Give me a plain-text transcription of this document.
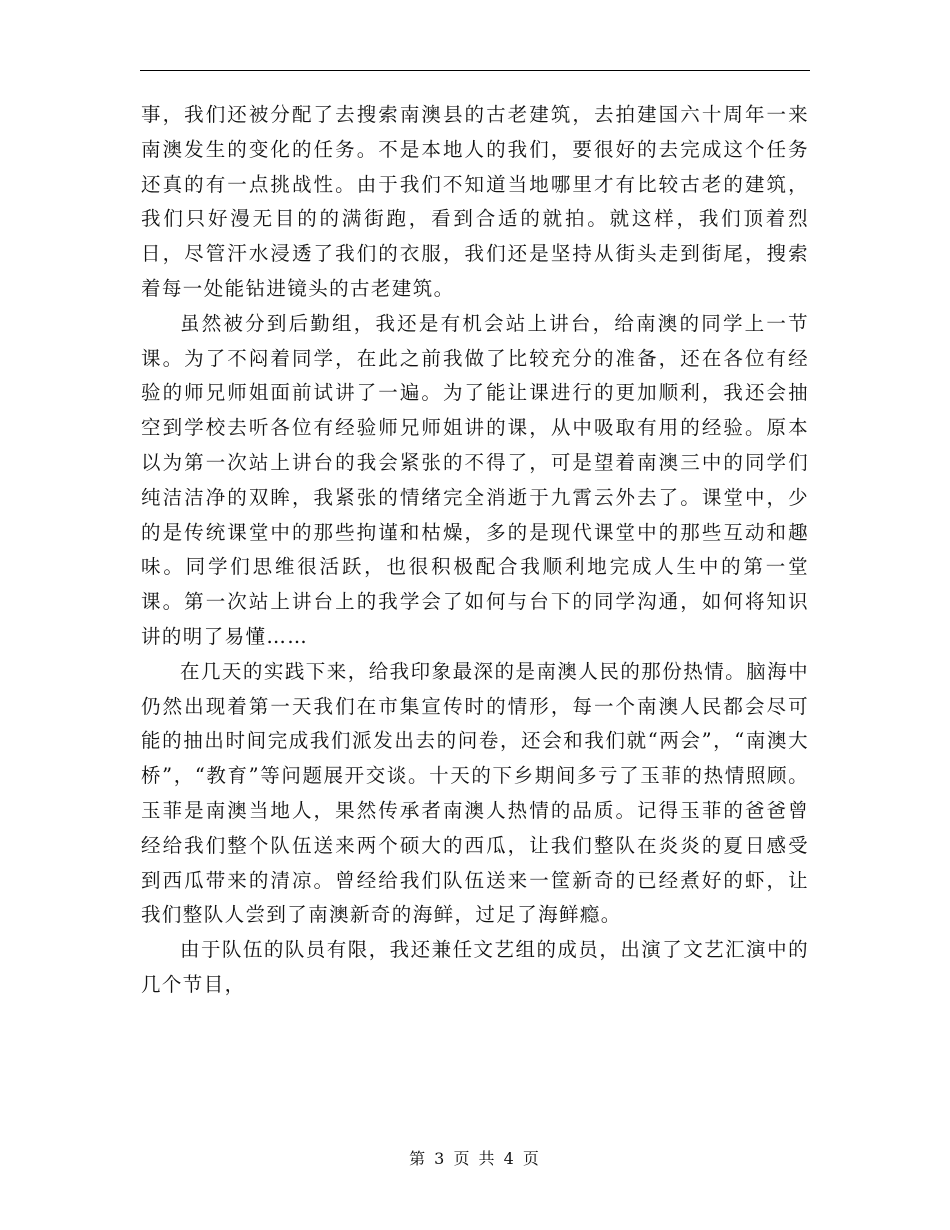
事，我们还被分配了去搜索南澳县的古老建筑，去拍建国六十周年一来南澳发生的变化的任务。不是本地人的我们，要很好的去完成这个任务还真的有一点挑战性。由于我们不知道当地哪里才有比较古老的建筑，我们只好漫无目的的满街跑，看到合适的就拍。就这样，我们顶着烈日，尽管汗水浸透了我们的衣服，我们还是坚持从街头走到街尾，搜索着每一处能钻进镜头的古老建筑。

虽然被分到后勤组，我还是有机会站上讲台，给南澳的同学上一节课。为了不闷着同学，在此之前我做了比较充分的准备，还在各位有经验的师兄师姐面前试讲了一遍。为了能让课进行的更加顺利，我还会抽空到学校去听各位有经验师兄师姐讲的课，从中吸取有用的经验。原本以为第一次站上讲台的我会紧张的不得了，可是望着南澳三中的同学们纯洁洁净的双眸，我紧张的情绪完全消逝于九霄云外去了。课堂中，少的是传统课堂中的那些拘谨和枯燥，多的是现代课堂中的那些互动和趣味。同学们思维很活跃，也很积极配合我顺利地完成人生中的第一堂课。第一次站上讲台上的我学会了如何与台下的同学沟通，如何将知识讲的明了易懂……

在几天的实践下来，给我印象最深的是南澳人民的那份热情。脑海中仍然出现着第一天我们在市集宣传时的情形，每一个南澳人民都会尽可能的抽出时间完成我们派发出去的问卷，还会和我们就“两会”，“南澳大桥”，“教育”等问题展开交谈。十天的下乡期间多亏了玉菲的热情照顾。玉菲是南澳当地人，果然传承者南澳人热情的品质。记得玉菲的爸爸曾经给我们整个队伍送来两个硕大的西瓜，让我们整队在炎炎的夏日感受到西瓜带来的清凉。曾经给我们队伍送来一筐新奇的已经煮好的虾，让我们整队人尝到了南澳新奇的海鲜，过足了海鲜瘾。

由于队伍的队员有限，我还兼任文艺组的成员，出演了文艺汇演中的几个节目，

第 3 页 共 4 页
